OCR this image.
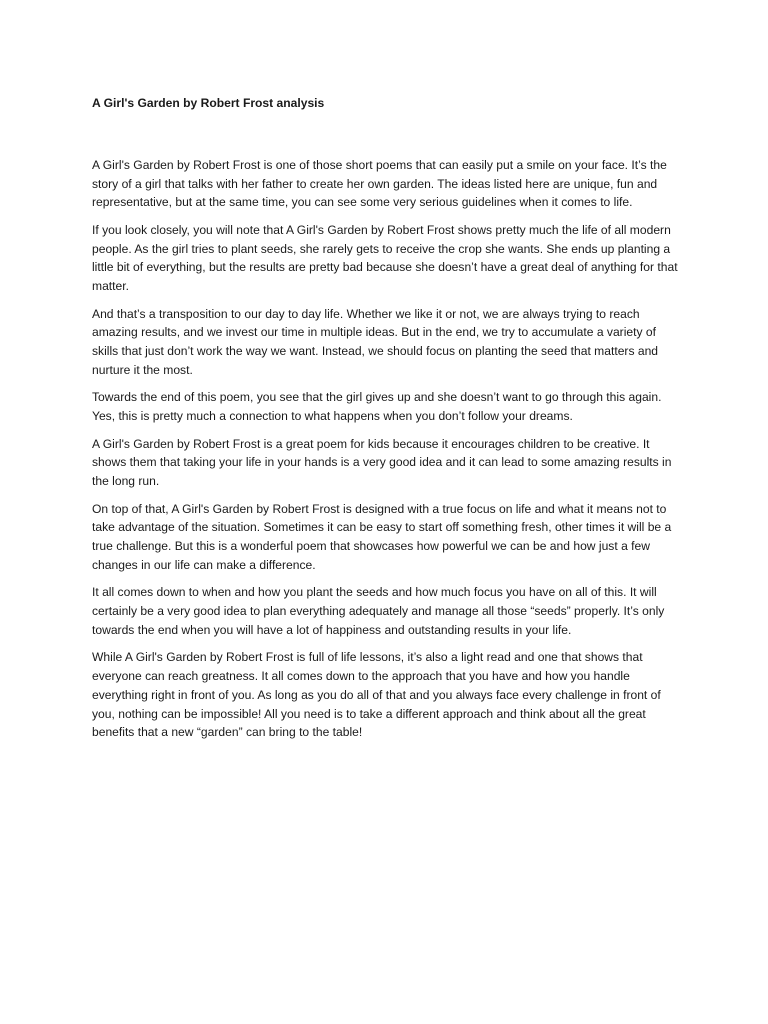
A Girl's Garden by Robert Frost analysis

A Girl's Garden by Robert Frost is one of those short poems that can easily put a smile on your face. It’s the story of a girl that talks with her father to create her own garden. The ideas listed here are unique, fun and representative, but at the same time, you can see some very serious guidelines when it comes to life.

If you look closely, you will note that A Girl's Garden by Robert Frost shows pretty much the life of all modern people. As the girl tries to plant seeds, she rarely gets to receive the crop she wants. She ends up planting a little bit of everything, but the results are pretty bad because she doesn’t have a great deal of anything for that matter.

And that’s a transposition to our day to day life. Whether we like it or not, we are always trying to reach amazing results, and we invest our time in multiple ideas. But in the end, we try to accumulate a variety of skills that just don’t work the way we want. Instead, we should focus on planting the seed that matters and nurture it the most.

Towards the end of this poem, you see that the girl gives up and she doesn’t want to go through this again. Yes, this is pretty much a connection to what happens when you don’t follow your dreams.

A Girl's Garden by Robert Frost is a great poem for kids because it encourages children to be creative. It shows them that taking your life in your hands is a very good idea and it can lead to some amazing results in the long run.

On top of that, A Girl's Garden by Robert Frost is designed with a true focus on life and what it means not to take advantage of the situation. Sometimes it can be easy to start off something fresh, other times it will be a true challenge. But this is a wonderful poem that showcases how powerful we can be and how just a few changes in our life can make a difference.

It all comes down to when and how you plant the seeds and how much focus you have on all of this. It will certainly be a very good idea to plan everything adequately and manage all those “seeds” properly. It’s only towards the end when you will have a lot of happiness and outstanding results in your life.

While A Girl's Garden by Robert Frost is full of life lessons, it’s also a light read and one that shows that everyone can reach greatness. It all comes down to the approach that you have and how you handle everything right in front of you. As long as you do all of that and you always face every challenge in front of you, nothing can be impossible! All you need is to take a different approach and think about all the great benefits that a new “garden” can bring to the table!
